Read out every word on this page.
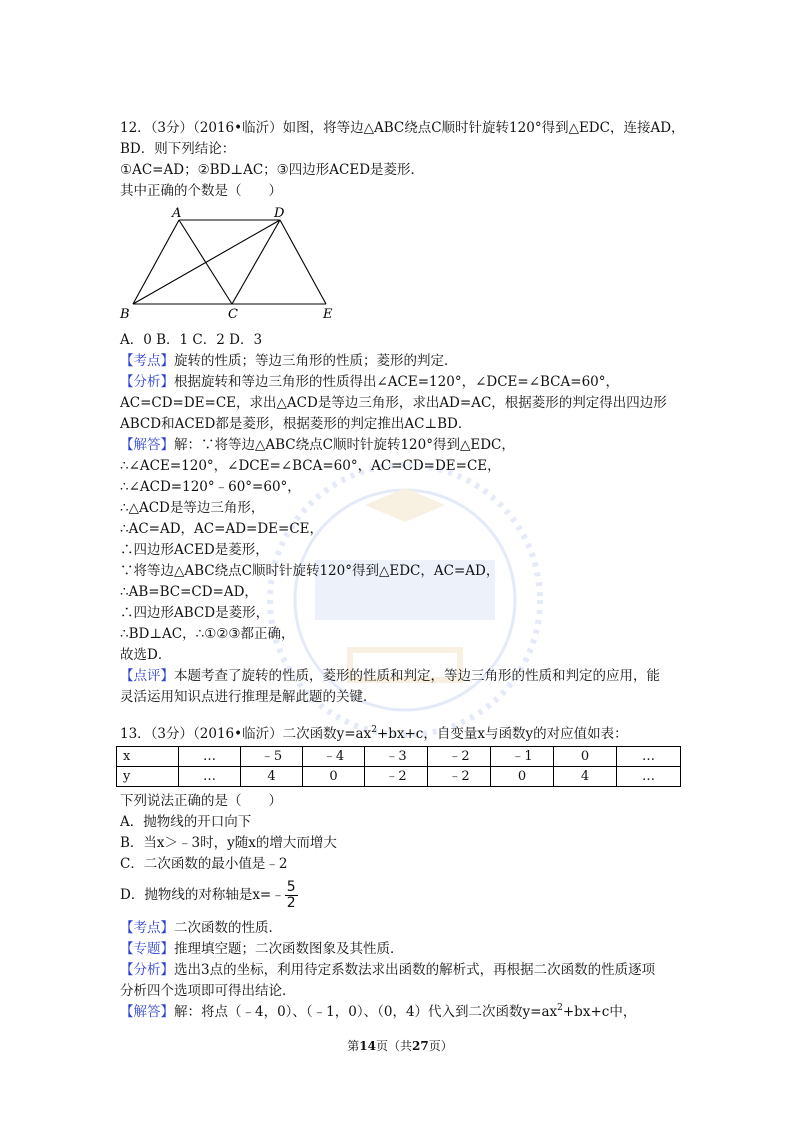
12．（3分）（2016•临沂）如图，将等边△ABC绕点C顺时针旋转120°得到△EDC，连接AD，
BD．则下列结论：
①AC=AD；②BD⊥AC；③四边形ACED是菱形．
其中正确的个数是（　　）
A	D
B	C	E
A．0 B．1 C．2 D．3
【考点】旋转的性质；等边三角形的性质；菱形的判定．
【分析】根据旋转和等边三角形的性质得出∠ACE=120°，∠DCE=∠BCA=60°，
AC=CD=DE=CE，求出△ACD是等边三角形，求出AD=AC，根据菱形的判定得出四边形
ABCD和ACED都是菱形，根据菱形的判定推出AC⊥BD．
【解答】解：∵将等边△ABC绕点C顺时针旋转120°得到△EDC，
∴∠ACE=120°，∠DCE=∠BCA=60°，AC=CD=DE=CE，
∴∠ACD=120°﹣60°=60°，
∴△ACD是等边三角形，
∴AC=AD，AC=AD=DE=CE，
∴四边形ACED是菱形，
∵将等边△ABC绕点C顺时针旋转120°得到△EDC，AC=AD，
∴AB=BC=CD=AD，
∴四边形ABCD是菱形，
∴BD⊥AC，∴①②③都正确，
故选D．
【点评】本题考查了旋转的性质，菱形的性质和判定，等边三角形的性质和判定的应用，能
灵活运用知识点进行推理是解此题的关键．
13．（3分）（2016•临沂）二次函数$y=ax^2+bx+c$，自变量x与函数y的对应值如表：
x	…	﹣5	﹣4	﹣3	﹣2	﹣1	0	…
y	…	4	0	﹣2	﹣2	0	4	…
下列说法正确的是（　　）
A．抛物线的开口向下
B．当x＞﹣3时，y随x的增大而增大
C．二次函数的最小值是﹣2
D．抛物线的对称轴是x=﹣ $\frac{5}{2}$
【考点】二次函数的性质．
【专题】推理填空题；二次函数图象及其性质．
【分析】选出3点的坐标，利用待定系数法求出函数的解析式，再根据二次函数的性质逐项
分析四个选项即可得出结论．
【解答】解：将点（﹣4，0）、（﹣1，0）、（0，4）代入到二次函数$y=ax^2+bx+c$中，
第14页（共27页）
